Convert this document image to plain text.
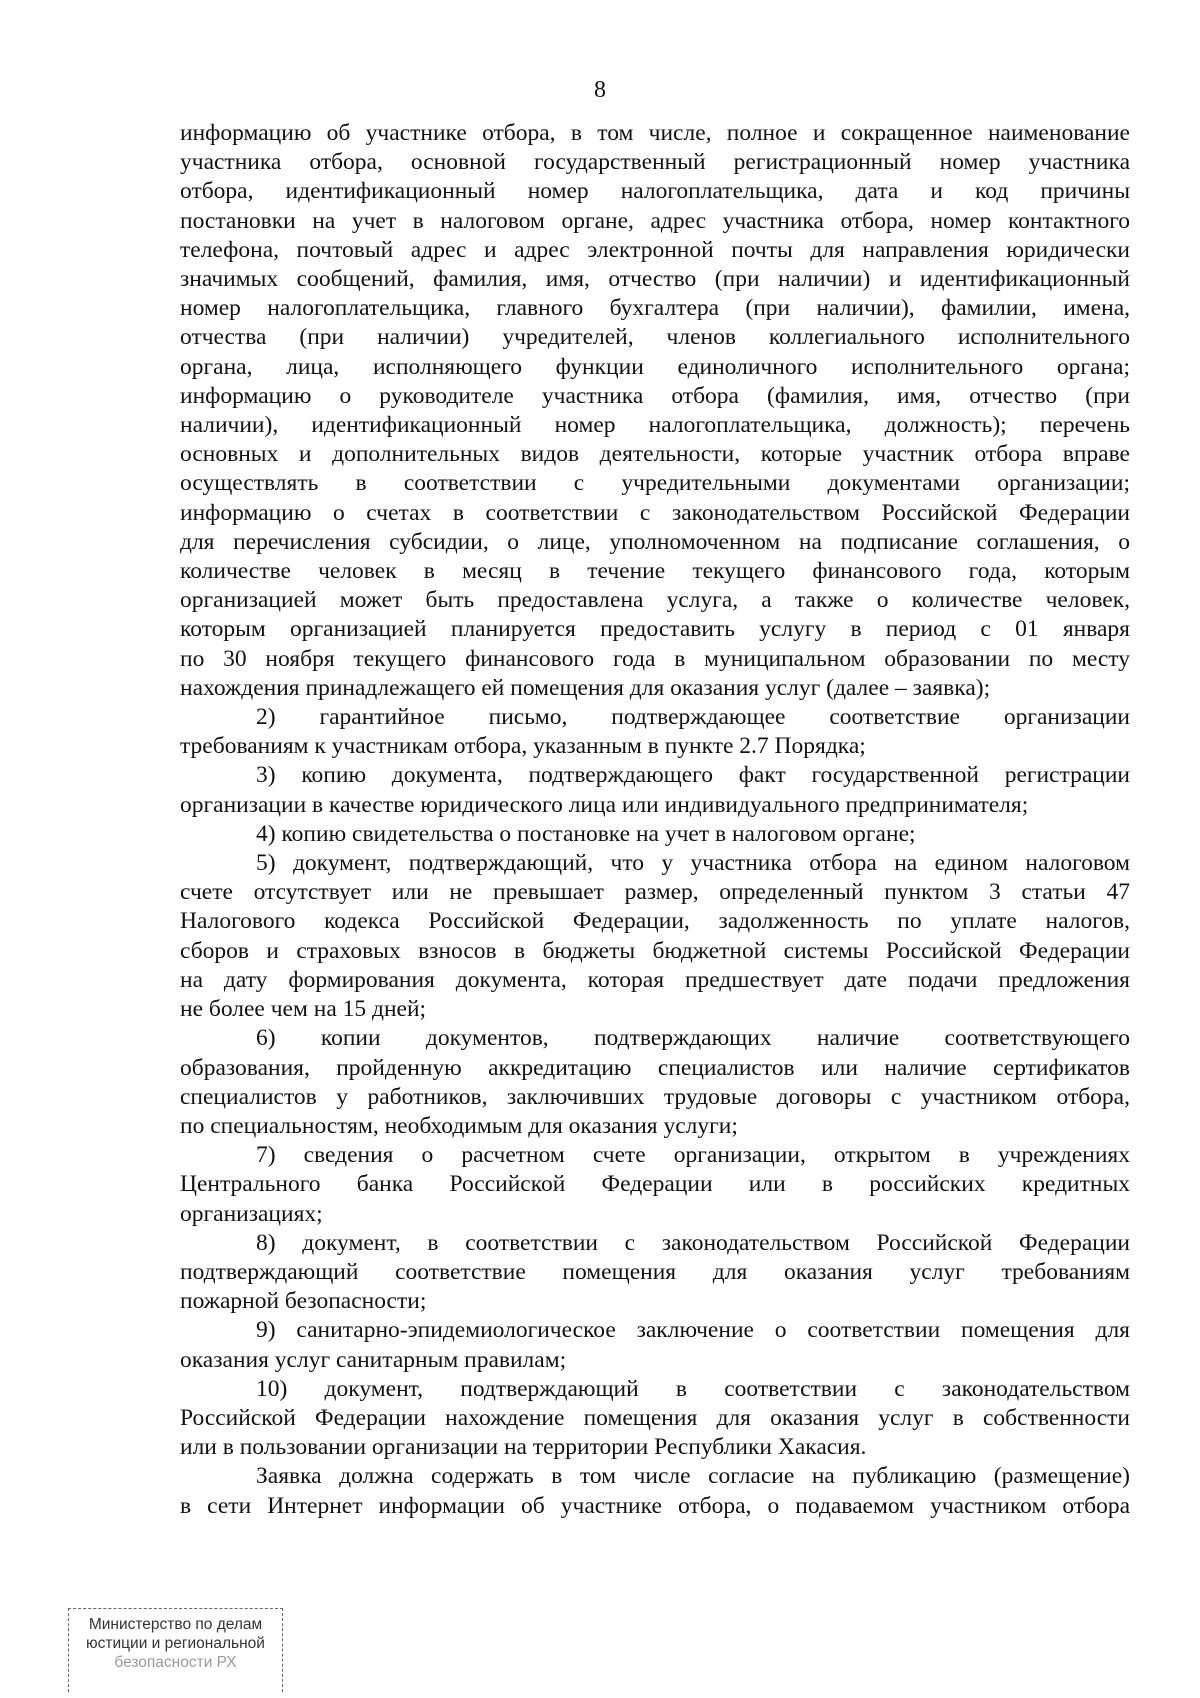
8
информацию об участнике отбора, в том числе, полное и сокращенное наименование
участника отбора, основной государственный регистрационный номер участника
отбора, идентификационный номер налогоплательщика, дата и код причины
постановки на учет в налоговом органе, адрес участника отбора, номер контактного
телефона, почтовый адрес и адрес электронной почты для направления юридически
значимых сообщений, фамилия, имя, отчество (при наличии) и идентификационный
номер налогоплательщика, главного бухгалтера (при наличии), фамилии, имена,
отчества (при наличии) учредителей, членов коллегиального исполнительного
органа, лица, исполняющего функции единоличного исполнительного органа;
информацию о руководителе участника отбора (фамилия, имя, отчество (при
наличии), идентификационный номер налогоплательщика, должность); перечень
основных и дополнительных видов деятельности, которые участник отбора вправе
осуществлять в соответствии с учредительными документами организации;
информацию о счетах в соответствии с законодательством Российской Федерации
для перечисления субсидии, о лице, уполномоченном на подписание соглашения, о
количестве человек в месяц в течение текущего финансового года, которым
организацией может быть предоставлена услуга, а также о количестве человек,
которым организацией планируется предоставить услугу в период с 01 января
по 30 ноября текущего финансового года в муниципальном образовании по месту
нахождения принадлежащего ей помещения для оказания услуг (далее – заявка);
2) гарантийное письмо, подтверждающее соответствие организации
требованиям к участникам отбора, указанным в пункте 2.7 Порядка;
3) копию документа, подтверждающего факт государственной регистрации
организации в качестве юридического лица или индивидуального предпринимателя;
4) копию свидетельства о постановке на учет в налоговом органе;
5) документ, подтверждающий, что у участника отбора на едином налоговом
счете отсутствует или не превышает размер, определенный пунктом 3 статьи 47
Налогового кодекса Российской Федерации, задолженность по уплате налогов,
сборов и страховых взносов в бюджеты бюджетной системы Российской Федерации
на дату формирования документа, которая предшествует дате подачи предложения
не более чем на 15 дней;
6) копии документов, подтверждающих наличие соответствующего
образования, пройденную аккредитацию специалистов или наличие сертификатов
специалистов у работников, заключивших трудовые договоры с участником отбора,
по специальностям, необходимым для оказания услуги;
7) сведения о расчетном счете организации, открытом в учреждениях
Центрального банка Российской Федерации или в российских кредитных
организациях;
8) документ, в соответствии с законодательством Российской Федерации
подтверждающий соответствие помещения для оказания услуг требованиям
пожарной безопасности;
9) санитарно-эпидемиологическое заключение о соответствии помещения для
оказания услуг санитарным правилам;
10) документ, подтверждающий в соответствии с законодательством
Российской Федерации нахождение помещения для оказания услуг в собственности
или в пользовании организации на территории Республики Хакасия.
Заявка должна содержать в том числе согласие на публикацию (размещение)
в сети Интернет информации об участнике отбора, о подаваемом участником отбора
Министерство по делам
юстиции и региональной
безопасности РХ
